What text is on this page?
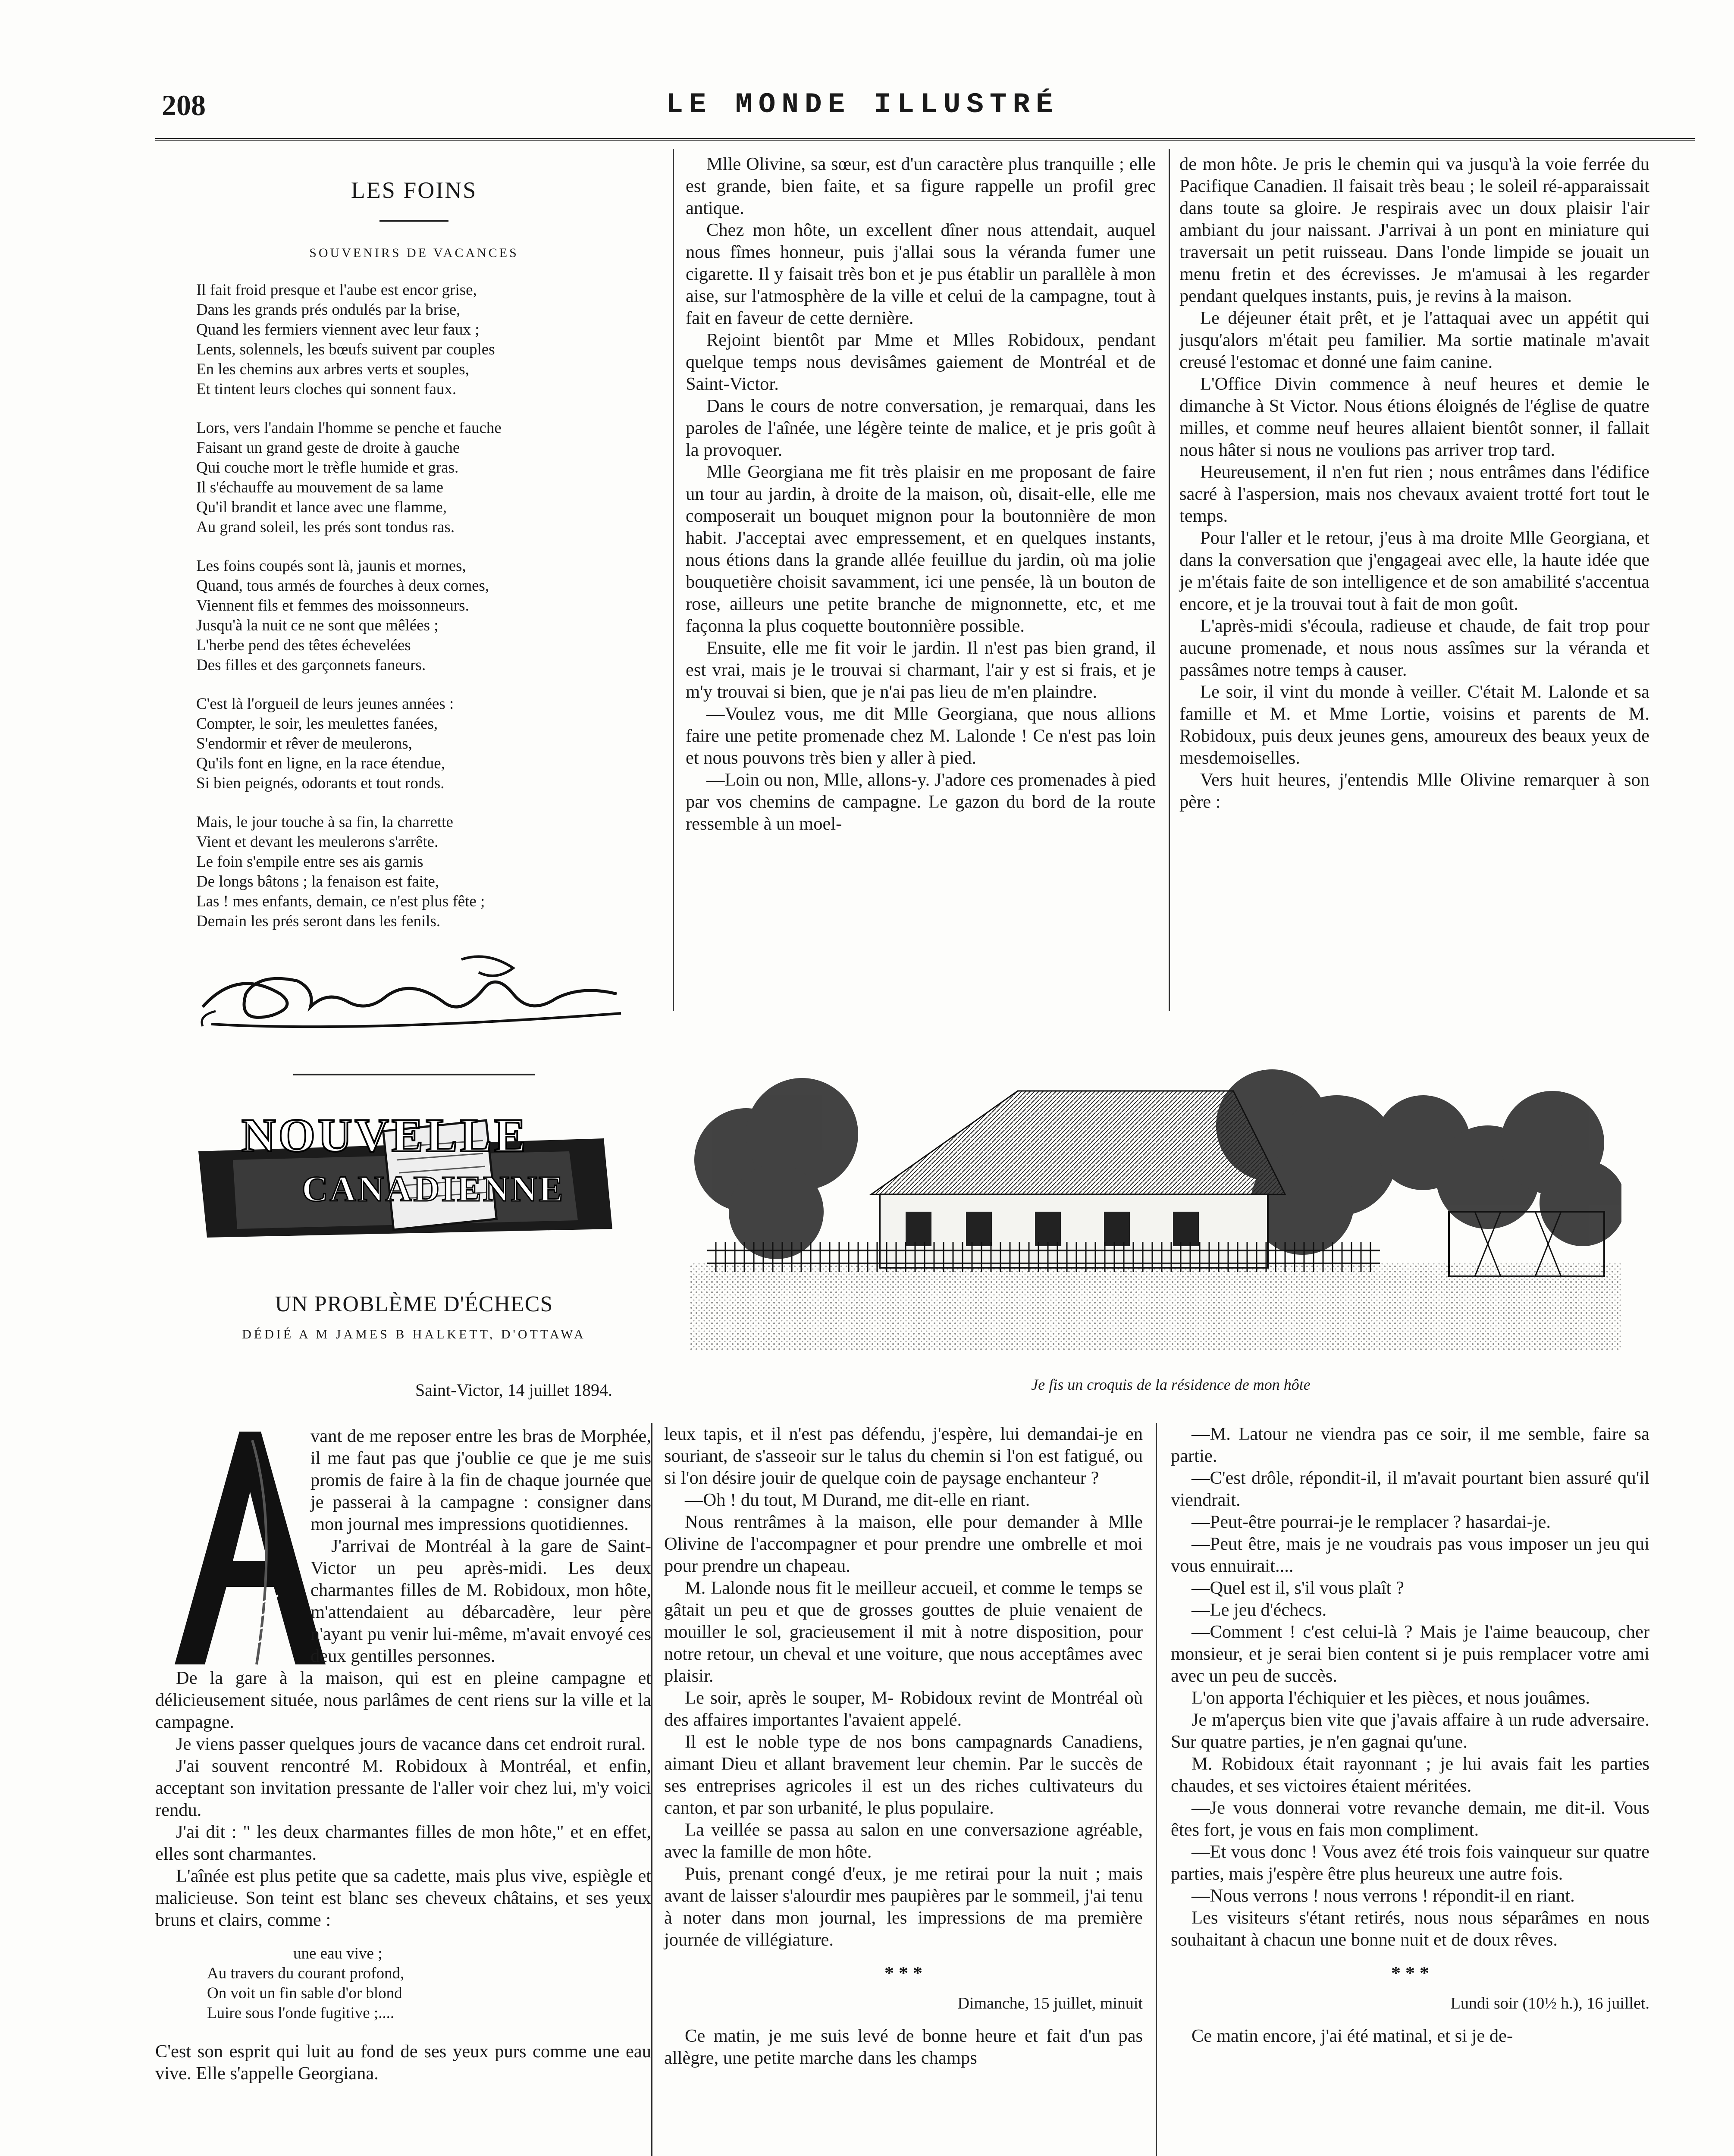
208	LE MONDE ILLUSTRÉ
LES FOINS
SOUVENIRS DE VACANCES
Il fait froid presque et l'aube est encor grise,
Dans les grands prés ondulés par la brise,
Quand les fermiers viennent avec leur faux ;
Lents, solennels, les bœufs suivent par couples
En les chemins aux arbres verts et souples,
Et tintent leurs cloches qui sonnent faux.
Lors, vers l'andain l'homme se penche et fauche
Faisant un grand geste de droite à gauche
Qui couche mort le trèfle humide et gras.
Il s'échauffe au mouvement de sa lame
Qu'il brandit et lance avec une flamme,
Au grand soleil, les prés sont tondus ras.
Les foins coupés sont là, jaunis et mornes,
Quand, tous armés de fourches à deux cornes,
Viennent fils et femmes des moissonneurs.
Jusqu'à la nuit ce ne sont que mêlées ;
L'herbe pend des têtes échevelées
Des filles et des garçonnets faneurs.
C'est là l'orgueil de leurs jeunes années :
Compter, le soir, les meulettes fanées,
S'endormir et rêver de meulerons,
Qu'ils font en ligne, en la race étendue,
Si bien peignés, odorants et tout ronds.
Mais, le jour touche à sa fin, la charrette
Vient et devant les meulerons s'arrête.
Le foin s'empile entre ses ais garnis
De longs bâtons ; la fenaison est faite,
Las ! mes enfants, demain, ce n'est plus fête ;
Demain les prés seront dans les fenils.
NOUVELLE
CANADIENNE
UN PROBLÈME D'ÉCHECS
DÉDIÉ A M JAMES B HALKETT, D'OTTAWA
Saint-Victor, 14 juillet 1894.

vant de me reposer entre les bras de Morphée, il me faut pas que j'oublie ce que je me suis promis de faire à la fin de chaque journée que je passerai à la campagne : consigner dans mon journal mes impressions quotidiennes.

J'arrivai de Montréal à la gare de Saint-Victor un peu après-midi. Les deux charmantes filles de M. Robidoux, mon hôte, m'attendaient au débarcadère, leur père n'ayant pu venir lui-même, m'avait envoyé ces deux gentilles personnes.

De la gare à la maison, qui est en pleine campagne et délicieusement située, nous parlâmes de cent riens sur la ville et la campagne.

Je viens passer quelques jours de vacance dans cet endroit rural.

J'ai souvent rencontré M. Robidoux à Montréal, et enfin, acceptant son invitation pressante de l'aller voir chez lui, m'y voici rendu.

J'ai dit : " les deux charmantes filles de mon hôte," et en effet, elles sont charmantes.

L'aînée est plus petite que sa cadette, mais plus vive, espiègle et malicieuse. Son teint est blanc ses cheveux châtains, et ses yeux bruns et clairs, comme :

une eau vive ;
Au travers du courant profond,
On voit un fin sable d'or blond
Luire sous l'onde fugitive ;....

C'est son esprit qui luit au fond de ses yeux purs comme une eau vive. Elle s'appelle Georgiana.

Mlle Olivine, sa sœur, est d'un caractère plus tranquille ; elle est grande, bien faite, et sa figure rappelle un profil grec antique.

Chez mon hôte, un excellent dîner nous attendait, auquel nous fîmes honneur, puis j'allai sous la véranda fumer une cigarette. Il y faisait très bon et je pus établir un parallèle à mon aise, sur l'atmosphère de la ville et celui de la campagne, tout à fait en faveur de cette dernière.

Rejoint bientôt par Mme et Mlles Robidoux, pendant quelque temps nous devisâmes gaiement de Montréal et de Saint-Victor.

Dans le cours de notre conversation, je remarquai, dans les paroles de l'aînée, une légère teinte de malice, et je pris goût à la provoquer.

Mlle Georgiana me fit très plaisir en me proposant de faire un tour au jardin, à droite de la maison, où, disait-elle, elle me composerait un bouquet mignon pour la boutonnière de mon habit. J'acceptai avec empressement, et en quelques instants, nous étions dans la grande allée feuillue du jardin, où ma jolie bouquetière choisit savamment, ici une pensée, là un bouton de rose, ailleurs une petite branche de mignonnette, etc, et me façonna la plus coquette boutonnière possible.

Ensuite, elle me fit voir le jardin. Il n'est pas bien grand, il est vrai, mais je le trouvai si charmant, l'air y est si frais, et je m'y trouvai si bien, que je n'ai pas lieu de m'en plaindre.

—Voulez vous, me dit Mlle Georgiana, que nous allions faire une petite promenade chez M. Lalonde ! Ce n'est pas loin et nous pouvons très bien y aller à pied.

—Loin ou non, Mlle, allons-y. J'adore ces promenades à pied par vos chemins de campagne. Le gazon du bord de la route ressemble à un moel-

de mon hôte. Je pris le chemin qui va jusqu'à la voie ferrée du Pacifique Canadien. Il faisait très beau ; le soleil ré-apparaissait dans toute sa gloire. Je respirais avec un doux plaisir l'air ambiant du jour naissant. J'arrivai à un pont en miniature qui traversait un petit ruisseau. Dans l'onde limpide se jouait un menu fretin et des écrevisses. Je m'amusai à les regarder pendant quelques instants, puis, je revins à la maison.

Le déjeuner était prêt, et je l'attaquai avec un appétit qui jusqu'alors m'était peu familier. Ma sortie matinale m'avait creusé l'estomac et donné une faim canine.

L'Office Divin commence à neuf heures et demie le dimanche à St Victor. Nous étions éloignés de l'église de quatre milles, et comme neuf heures allaient bientôt sonner, il fallait nous hâter si nous ne voulions pas arriver trop tard.

Heureusement, il n'en fut rien ; nous entrâmes dans l'édifice sacré à l'aspersion, mais nos chevaux avaient trotté fort tout le temps.

Pour l'aller et le retour, j'eus à ma droite Mlle Georgiana, et dans la conversation que j'engageai avec elle, la haute idée que je m'étais faite de son intelligence et de son amabilité s'accentua encore, et je la trouvai tout à fait de mon goût.

L'après-midi s'écoula, radieuse et chaude, de fait trop pour aucune promenade, et nous nous assîmes sur la véranda et passâmes notre temps à causer.

Le soir, il vint du monde à veiller. C'était M. Lalonde et sa famille et M. et Mme Lortie, voisins et parents de M. Robidoux, puis deux jeunes gens, amoureux des beaux yeux de mesdemoiselles.

Vers huit heures, j'entendis Mlle Olivine remarquer à son père :

Je fis un croquis de la résidence de mon hôte

leux tapis, et il n'est pas défendu, j'espère, lui demandai-je en souriant, de s'asseoir sur le talus du chemin si l'on est fatigué, ou si l'on désire jouir de quelque coin de paysage enchanteur ?

—Oh ! du tout, M Durand, me dit-elle en riant.

Nous rentrâmes à la maison, elle pour demander à Mlle Olivine de l'accompagner et pour prendre une ombrelle et moi pour prendre un chapeau.

M. Lalonde nous fit le meilleur accueil, et comme le temps se gâtait un peu et que de grosses gouttes de pluie venaient de mouiller le sol, gracieusement il mit à notre disposition, pour notre retour, un cheval et une voiture, que nous acceptâmes avec plaisir.

Le soir, après le souper, M- Robidoux revint de Montréal où des affaires importantes l'avaient appelé.

Il est le noble type de nos bons campagnards Canadiens, aimant Dieu et allant bravement leur chemin. Par le succès de ses entreprises agricoles il est un des riches cultivateurs du canton, et par son urbanité, le plus populaire.

La veillée se passa au salon en une conversazione agréable, avec la famille de mon hôte.

Puis, prenant congé d'eux, je me retirai pour la nuit ; mais avant de laisser s'alourdir mes paupières par le sommeil, j'ai tenu à noter dans mon journal, les impressions de ma première journée de villégiature.

* * *
Dimanche, 15 juillet, minuit

Ce matin, je me suis levé de bonne heure et fait d'un pas allègre, une petite marche dans les champs

—M. Latour ne viendra pas ce soir, il me semble, faire sa partie.

—C'est drôle, répondit-il, il m'avait pourtant bien assuré qu'il viendrait.

—Peut-être pourrai-je le remplacer ? hasardai-je.

—Peut être, mais je ne voudrais pas vous imposer un jeu qui vous ennuirait....

—Quel est il, s'il vous plaît ?

—Le jeu d'échecs.

—Comment ! c'est celui-là ? Mais je l'aime beaucoup, cher monsieur, et je serai bien content si je puis remplacer votre ami avec un peu de succès.

L'on apporta l'échiquier et les pièces, et nous jouâmes.

Je m'aperçus bien vite que j'avais affaire à un rude adversaire. Sur quatre parties, je n'en gagnai qu'une.

M. Robidoux était rayonnant ; je lui avais fait les parties chaudes, et ses victoires étaient méritées.

—Je vous donnerai votre revanche demain, me dit-il. Vous êtes fort, je vous en fais mon compliment.

—Et vous donc ! Vous avez été trois fois vainqueur sur quatre parties, mais j'espère être plus heureux une autre fois.

—Nous verrons ! nous verrons ! répondit-il en riant.

Les visiteurs s'étant retirés, nous nous séparâmes en nous souhaitant à chacun une bonne nuit et de doux rêves.

* * *
Lundi soir (10½ h.), 16 juillet.

Ce matin encore, j'ai été matinal, et si je de-
